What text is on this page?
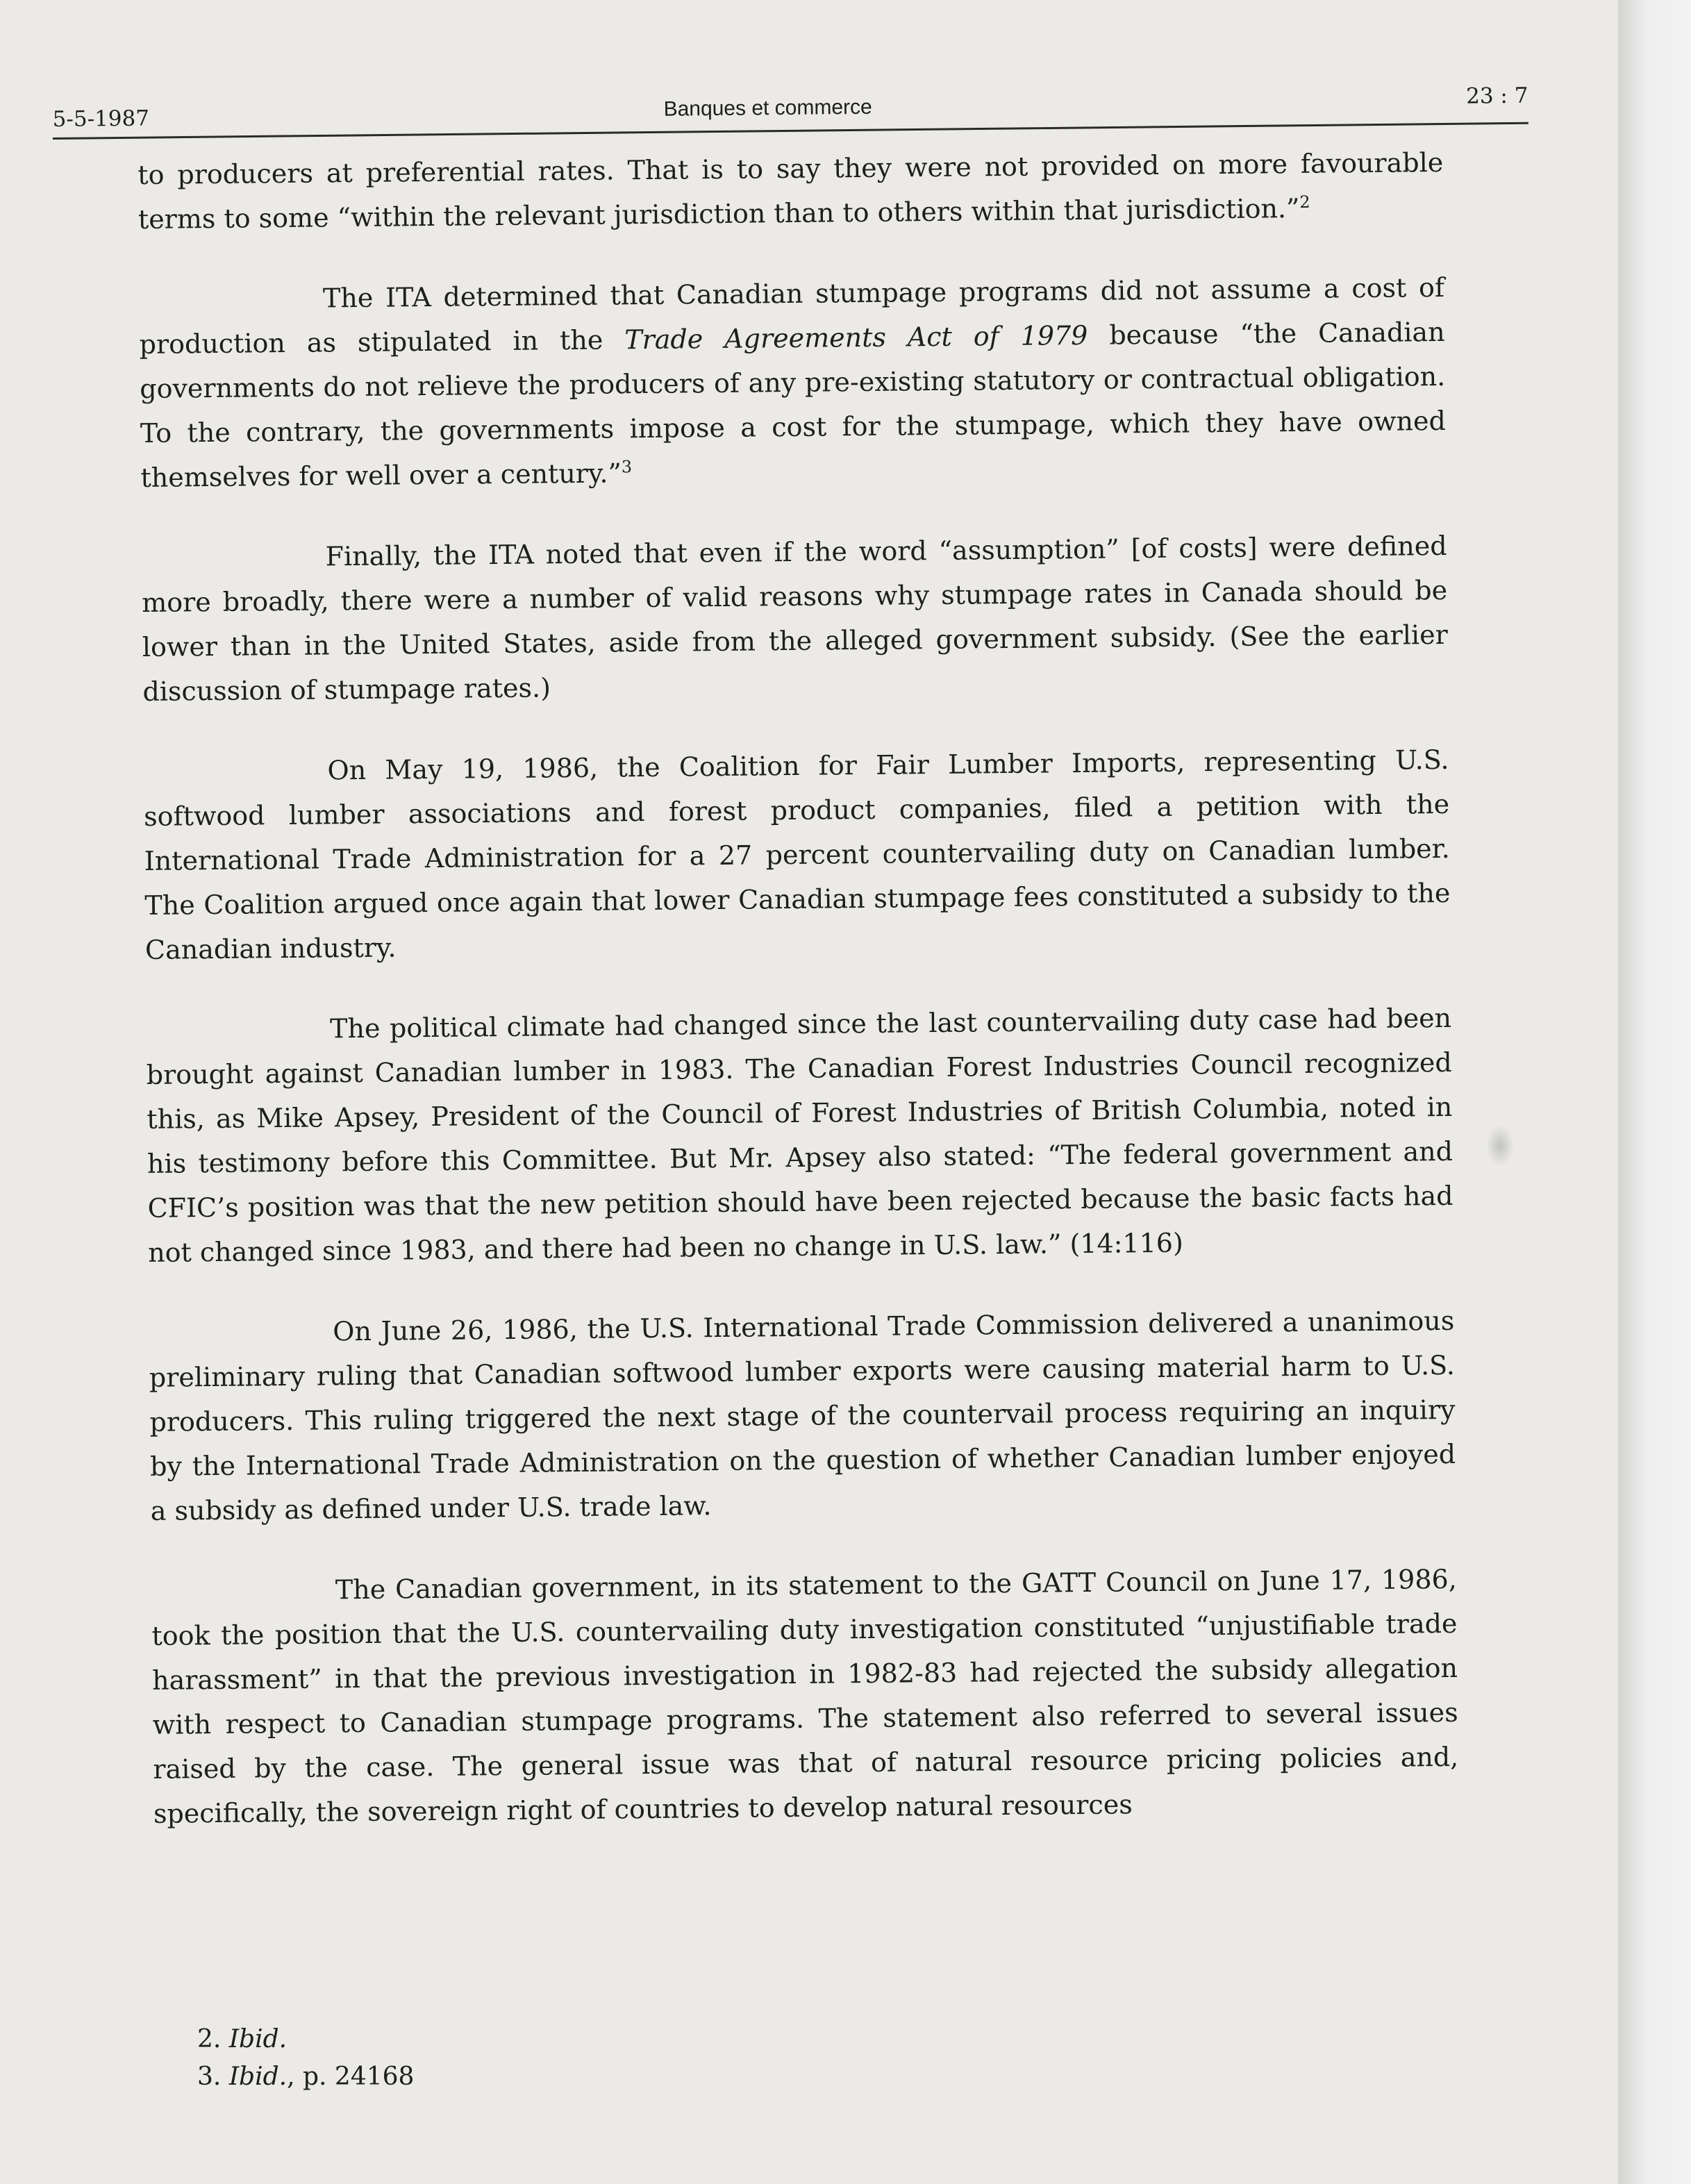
5-5-1987	Banques et commerce	23 : 7

to producers at preferential rates. That is to say they were not provided on more favourable terms to some “within the relevant jurisdiction than to others within that jurisdiction.”$^2$

The ITA determined that Canadian stumpage programs did not assume a cost of production as stipulated in the Trade Agreements Act of 1979 because “the Canadian governments do not relieve the producers of any pre-existing statutory or contractual obligation. To the contrary, the governments impose a cost for the stumpage, which they have owned themselves for well over a century.”$^3$

Finally, the ITA noted that even if the word “assumption” [of costs] were defined more broadly, there were a number of valid reasons why stumpage rates in Canada should be lower than in the United States, aside from the alleged government subsidy. (See the earlier discussion of stumpage rates.)

On May 19, 1986, the Coalition for Fair Lumber Imports, representing U.S. softwood lumber associations and forest product companies, filed a petition with the International Trade Administration for a 27 percent countervailing duty on Canadian lumber. The Coalition argued once again that lower Canadian stumpage fees constituted a subsidy to the Canadian industry.

The political climate had changed since the last countervailing duty case had been brought against Canadian lumber in 1983. The Canadian Forest Industries Council recognized this, as Mike Apsey, President of the Council of Forest Industries of British Columbia, noted in his testimony before this Committee. But Mr. Apsey also stated: “The federal government and CFIC’s position was that the new petition should have been rejected because the basic facts had not changed since 1983, and there had been no change in U.S. law.” (14:116)

On June 26, 1986, the U.S. International Trade Commission delivered a unanimous preliminary ruling that Canadian softwood lumber exports were causing material harm to U.S. producers. This ruling triggered the next stage of the countervail process requiring an inquiry by the International Trade Administration on the question of whether Canadian lumber enjoyed a subsidy as defined under U.S. trade law.

The Canadian government, in its statement to the GATT Council on June 17, 1986, took the position that the U.S. countervailing duty investigation constituted “unjustifiable trade harassment” in that the previous investigation in 1982-83 had rejected the subsidy allegation with respect to Canadian stumpage programs. The statement also referred to several issues raised by the case. The general issue was that of natural resource pricing policies and, specifically, the sovereign right of countries to develop natural resources

2. Ibid.

3. Ibid., p. 24168
